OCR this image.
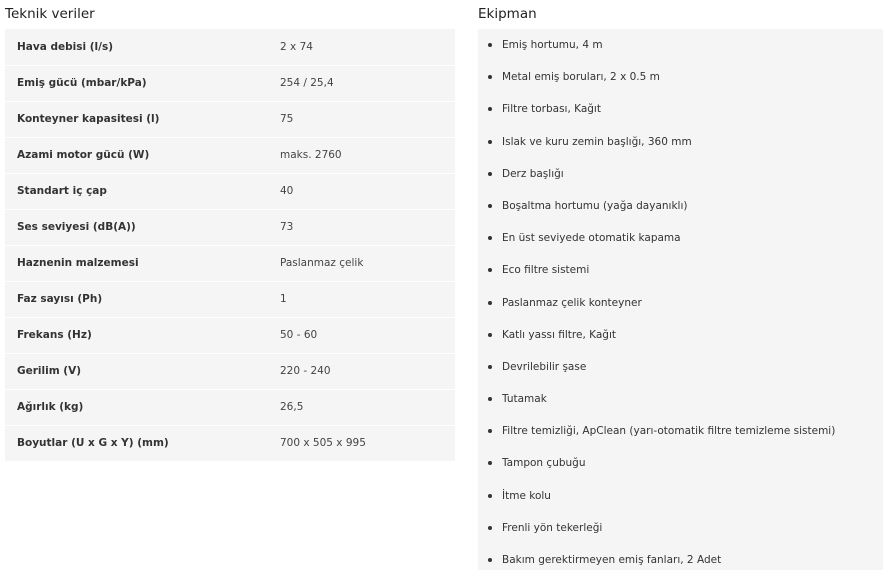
Teknik veriler
Hava debisi (l/s)	2 x 74
Emiş gücü (mbar/kPa)	254 / 25,4
Konteyner kapasitesi (l)	75
Azami motor gücü (W)	maks. 2760
Standart iç çap	40
Ses seviyesi (dB(A))	73
Haznenin malzemesi	Paslanmaz çelik
Faz sayısı (Ph)	1
Frekans (Hz)	50 - 60
Gerilim (V)	220 - 240
Ağırlık (kg)	26,5
Boyutlar (U x G x Y) (mm)	700 x 505 x 995
Ekipman
Emiş hortumu, 4 m
Metal emiş boruları, 2 x 0.5 m
Filtre torbası, Kağıt
Islak ve kuru zemin başlığı, 360 mm
Derz başlığı
Boşaltma hortumu (yağa dayanıklı)
En üst seviyede otomatik kapama
Eco filtre sistemi
Paslanmaz çelik konteyner
Katlı yassı filtre, Kağıt
Devrilebilir şase
Tutamak
Filtre temizliği, ApClean (yarı-otomatik filtre temizleme sistemi)
Tampon çubuğu
İtme kolu
Frenli yön tekerleği
Bakım gerektirmeyen emiş fanları, 2 Adet
